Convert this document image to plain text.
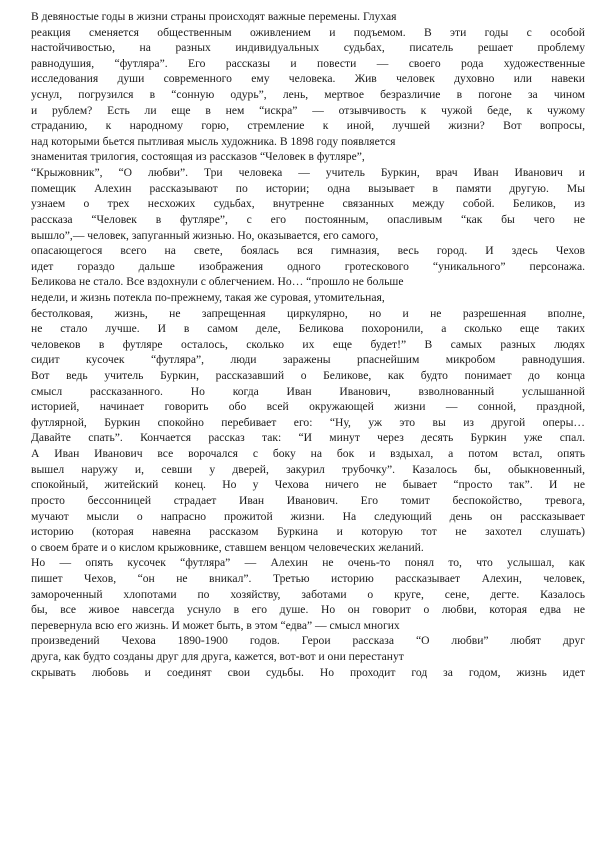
В девяностые годы в жизни страны происходят важные перемены. Глухая
реакция сменяется общественным оживлением и подъемом. В эти годы с особой
настойчивостью, на разных индивидуальных судьбах, писатель решает проблему
равнодушия, “футляра”. Его рассказы и повести — своего рода художественные
исследования души современного ему человека. Жив человек духовно или навеки
уснул, погрузился в “сонную одурь”, лень, мертвое безразличие в погоне за чином
и рублем? Есть ли еще в нем “искра” — отзывчивость к чужой беде, к чужому
страданию, к народному горю, стремление к иной, лучшей жизни? Вот вопросы,
над которыми бьется пытливая мысль художника. В 1898 году появляется
знаменитая трилогия, состоящая из рассказов “Человек в футляре”,
“Крыжовник”, “О любви”. Три человека — учитель Буркин, врач Иван Иванович и
помещик Алехин рассказывают по истории; одна вызывает в памяти другую. Мы
узнаем о трех несхожих судьбах, внутренне связанных между собой. Беликов, из
рассказа “Человек в футляре”, с его постоянным, опасливым “как бы чего не
вышло”,— человек, запуганный жизнью. Но, оказывается, его самого,
опасающегося всего на свете, боялась вся гимназия, весь город. И здесь Чехов
идет гораздо дальше изображения одного гротескового “уникального” персонажа.
Беликова не стало. Все вздохнули с облегчением. Но… “прошло не больше
недели, и жизнь потекла по-прежнему, такая же суровая, утомительная,
бестолковая, жизнь, не запрещенная циркулярно, но и не разрешенная вполне,
не стало лучше. И в самом деле, Беликова похоронили, а сколько еще таких
человеков в футляре осталось, сколько их еще будет!” В самых разных людях
сидит кусочек “футляра”, люди заражены рпаснейшим микробом равнодушия.
Вот ведь учитель Буркин, рассказавший о Беликове, как будто понимает до конца
смысл рассказанного. Но когда Иван Иванович, взволнованный услышанной
историей, начинает говорить обо всей окружающей жизни — сонной, праздной,
футлярной, Буркин спокойно перебивает его: “Ну, уж это вы из другой оперы…
Давайте спать”. Кончается рассказ так: “И минут через десять Буркин уже спал.
А Иван Иванович все ворочался с боку на бок и вздыхал, а потом встал, опять
вышел наружу и, севши у дверей, закурил трубочку”. Казалось бы, обыкновенный,
спокойный, житейский конец. Но у Чехова ничего не бывает “просто так”. И не
просто бессонницей страдает Иван Иванович. Его томит беспокойство, тревога,
мучают мысли о напрасно прожитой жизни. На следующий день он рассказывает
историю (которая навеяна рассказом Буркина и которую тот не захотел слушать)
о своем брате и о кислом крыжовнике, ставшем венцом человеческих желаний.
Но — опять кусочек “футляра” — Алехин не очень-то понял то, что услышал, как
пишет Чехов, “он не вникал”. Третью историю рассказывает Алехин, человек,
замороченный хлопотами по хозяйству, заботами о круге, сене, дегте. Казалось
бы, все живое навсегда уснуло в его душе. Но он говорит о любви, которая едва не
перевернула всю его жизнь. И может быть, в этом “едва” — смысл многих
произведений Чехова 1890-1900 годов. Герои рассказа “О любви” любят друг
друга, как будто созданы друг для друга, кажется, вот-вот и они перестанут
скрывать любовь и соединят свои судьбы. Но проходит год за годом, жизнь идет
